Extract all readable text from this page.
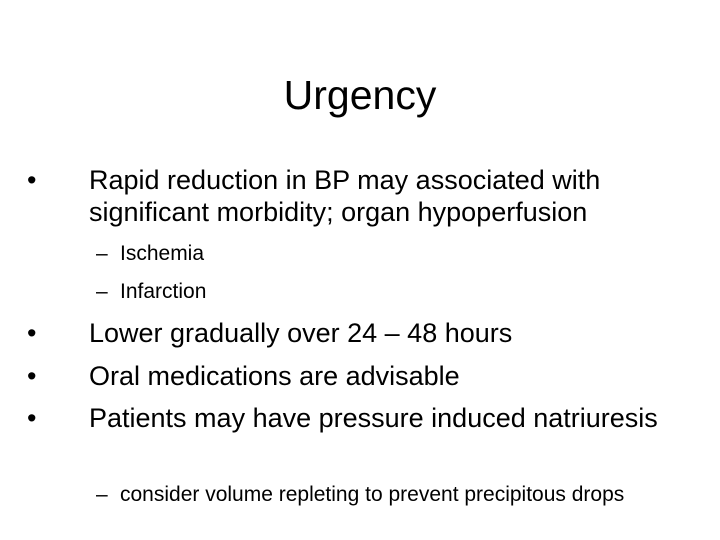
Urgency

• Rapid reduction in BP may associated with significant morbidity; organ hypoperfusion

– Ischemia

– Infarction

• Lower gradually over 24 – 48 hours

• Oral medications are advisable

• Patients may have pressure induced natriuresis

– consider volume repleting to prevent precipitous drops
